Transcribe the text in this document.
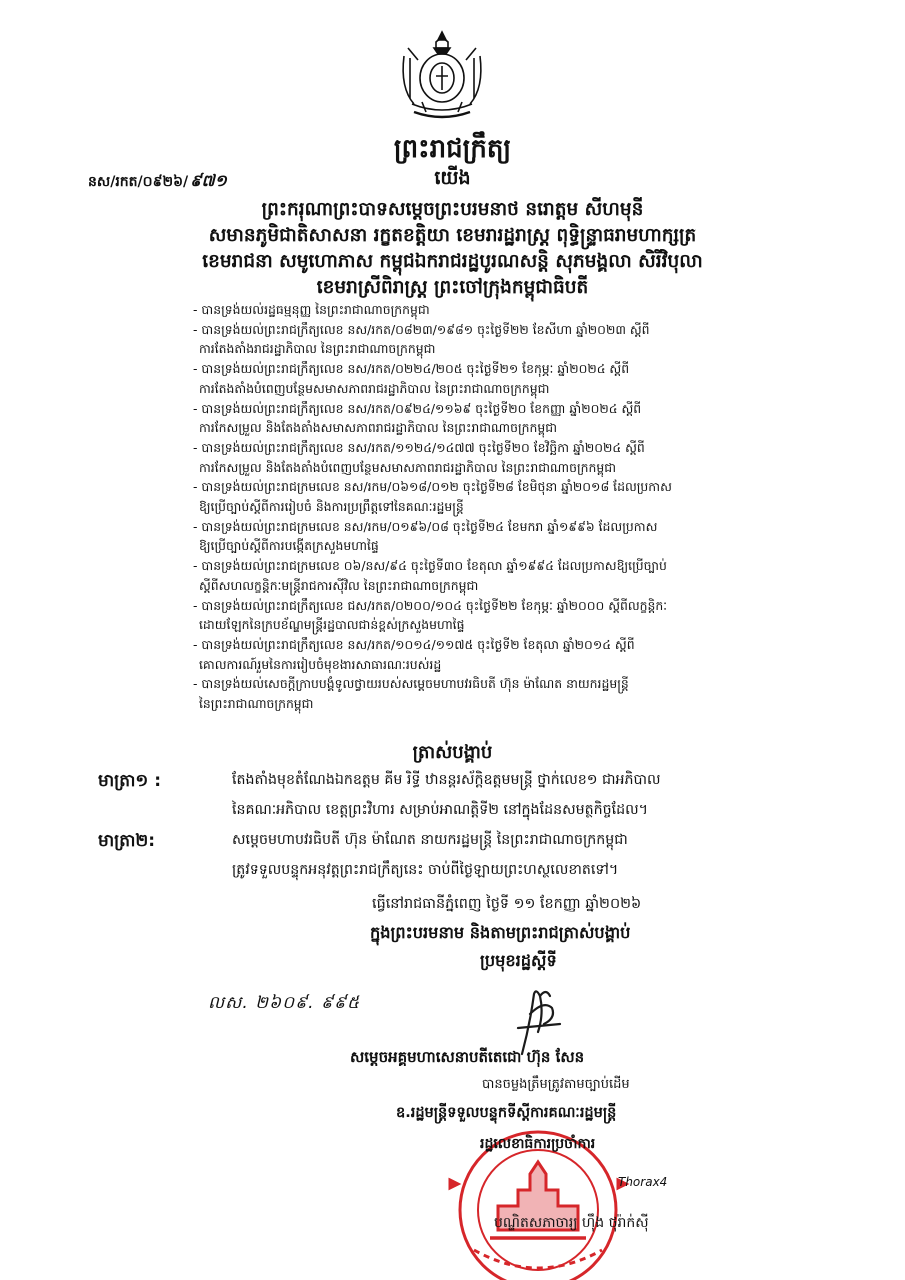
ព្រះរាជក្រឹត្យ
នស/រកត/០៩២៦/ ៩៧១	យើង
ព្រះករុណាព្រះបាទសម្តេចព្រះបរមនាថ នរោត្តម សីហមុនី
សមានភូមិជាតិសាសនា រក្ខតខត្តិយា ខេមរារដ្ឋរាស្ត្រ ពុទ្ធិន្ទ្រាធរាមហាក្សត្រ
ខេមរាជនា សមូហោភាស កម្ពុជឯករាជរដ្ឋបូរណសន្តិ សុភមង្គលា សិរីវិបុលា
ខេមរាស្រីពិរាស្ត្រ ព្រះចៅក្រុងកម្ពុជាធិបតី
- បានទ្រង់យល់រដ្ឋធម្មនុញ្ញ នៃព្រះរាជាណាចក្រកម្ពុជា
- បានទ្រង់យល់ព្រះរាជក្រឹត្យលេខ នស/រកត/០៨២៣/១៩៨១ ចុះថ្ងៃទី២២ ខែសីហា ឆ្នាំ២០២៣ ស្តីពី
ការតែងតាំងរាជរដ្ឋាភិបាល នៃព្រះរាជាណាចក្រកម្ពុជា
- បានទ្រង់យល់ព្រះរាជក្រឹត្យលេខ នស/រកត/០២២៤/២០៥ ចុះថ្ងៃទី២១ ខែកុម្ភៈ ឆ្នាំ២០២៤ ស្តីពី
ការតែងតាំងបំពេញបន្ថែមសមាសភាពរាជរដ្ឋាភិបាល នៃព្រះរាជាណាចក្រកម្ពុជា
- បានទ្រង់យល់ព្រះរាជក្រឹត្យលេខ នស/រកត/០៩២៤/១១៦៩ ចុះថ្ងៃទី២០ ខែកញ្ញា ឆ្នាំ២០២៤ ស្តីពី
ការកែសម្រួល និងតែងតាំងសមាសភាពរាជរដ្ឋាភិបាល នៃព្រះរាជាណាចក្រកម្ពុជា
- បានទ្រង់យល់ព្រះរាជក្រឹត្យលេខ នស/រកត/១១២៤/១៤៧៧ ចុះថ្ងៃទី២០ ខែវិច្ឆិកា ឆ្នាំ២០២៤ ស្តីពី
ការកែសម្រួល និងតែងតាំងបំពេញបន្ថែមសមាសភាពរាជរដ្ឋាភិបាល នៃព្រះរាជាណាចក្រកម្ពុជា
- បានទ្រង់យល់ព្រះរាជក្រមលេខ នស/រកម/០៦១៨/០១២ ចុះថ្ងៃទី២៨ ខែមិថុនា ឆ្នាំ២០១៨ ដែលប្រកាស
ឱ្យប្រើច្បាប់ស្តីពីការរៀបចំ និងការប្រព្រឹត្តទៅនៃគណៈរដ្ឋមន្ត្រី
- បានទ្រង់យល់ព្រះរាជក្រមលេខ នស/រកម/០១៩៦/០៨ ចុះថ្ងៃទី២៤ ខែមករា ឆ្នាំ១៩៩៦ ដែលប្រកាស
ឱ្យប្រើច្បាប់ស្តីពីការបង្កើតក្រសួងមហាផ្ទៃ
- បានទ្រង់យល់ព្រះរាជក្រមលេខ ០៦/នស/៩៤ ចុះថ្ងៃទី៣០ ខែតុលា ឆ្នាំ១៩៩៤ ដែលប្រកាសឱ្យប្រើច្បាប់
ស្តីពីសហលក្ខន្តិកៈមន្ត្រីរាជការស៊ីវិល នៃព្រះរាជាណាចក្រកម្ពុជា
- បានទ្រង់យល់ព្រះរាជក្រឹត្យលេខ ជស/រកត/០២០០/១០៤ ចុះថ្ងៃទី២២ ខែកុម្ភៈ ឆ្នាំ២០០០ ស្តីពីលក្ខន្តិកៈ
ដោយឡែកនៃក្របខ័ណ្ឌមន្ត្រីរដ្ឋបាលជាន់ខ្ពស់ក្រសួងមហាផ្ទៃ
- បានទ្រង់យល់ព្រះរាជក្រឹត្យលេខ នស/រកត/១០១៤/១១៧៥ ចុះថ្ងៃទី២ ខែតុលា ឆ្នាំ២០១៤ ស្តីពី
គោលការណ៍រួមនៃការរៀបចំមុខងារសាធារណៈរបស់រដ្ឋ
- បានទ្រង់យល់សេចក្តីក្រាបបង្គំទូលថ្វាយរបស់សម្តេចមហាបវរធិបតី ហ៊ុន ម៉ាណែត នាយករដ្ឋមន្ត្រី
នៃព្រះរាជាណាចក្រកម្ពុជា
ត្រាស់បង្គាប់
មាត្រា១ :	តែងតាំងមុខតំណែងឯកឧត្តម គីម រិទ្ធី ឋានន្តរស័ក្តិឧត្តមមន្ត្រី ថ្នាក់លេខ១ ជាអភិបាល
នៃគណៈអភិបាល ខេត្តព្រះវិហារ សម្រាប់អាណត្តិទី២ នៅក្នុងដែនសមត្ថកិច្ចដែល។
មាត្រា២:	សម្តេចមហាបវរធិបតី ហ៊ុន ម៉ាណែត នាយករដ្ឋមន្ត្រី នៃព្រះរាជាណាចក្រកម្ពុជា
ត្រូវទទួលបន្ទុកអនុវត្តព្រះរាជក្រឹត្យនេះ ចាប់ពីថ្ងៃឡាយព្រះហស្ថលេខាតទៅ។
ធ្វើនៅរាជធានីភ្នំពេញ ថ្ងៃទី ១១ ខែកញ្ញា ឆ្នាំ២០២៦
ក្នុងព្រះបរមនាម និងតាមព្រះរាជត្រាស់បង្គាប់
ប្រមុខរដ្ឋស្តីទី
លស. ២៦០៩. ៩៩៥
សម្តេចអគ្គមហាសេនាបតីតេជោ ហ៊ុន សែន
បានចម្លងត្រឹមត្រូវតាមច្បាប់ដើម
ឧ.រដ្ឋមន្ត្រីទទួលបន្ទុកទីស្តីការគណៈរដ្ឋមន្ត្រី
រដ្ឋលេខាធិការប្រចាំការ
Thorax4
បណ្ឌិតសភាចារ្យ ហ៊ឹង ថុរ៉ាក់ស៊ី
